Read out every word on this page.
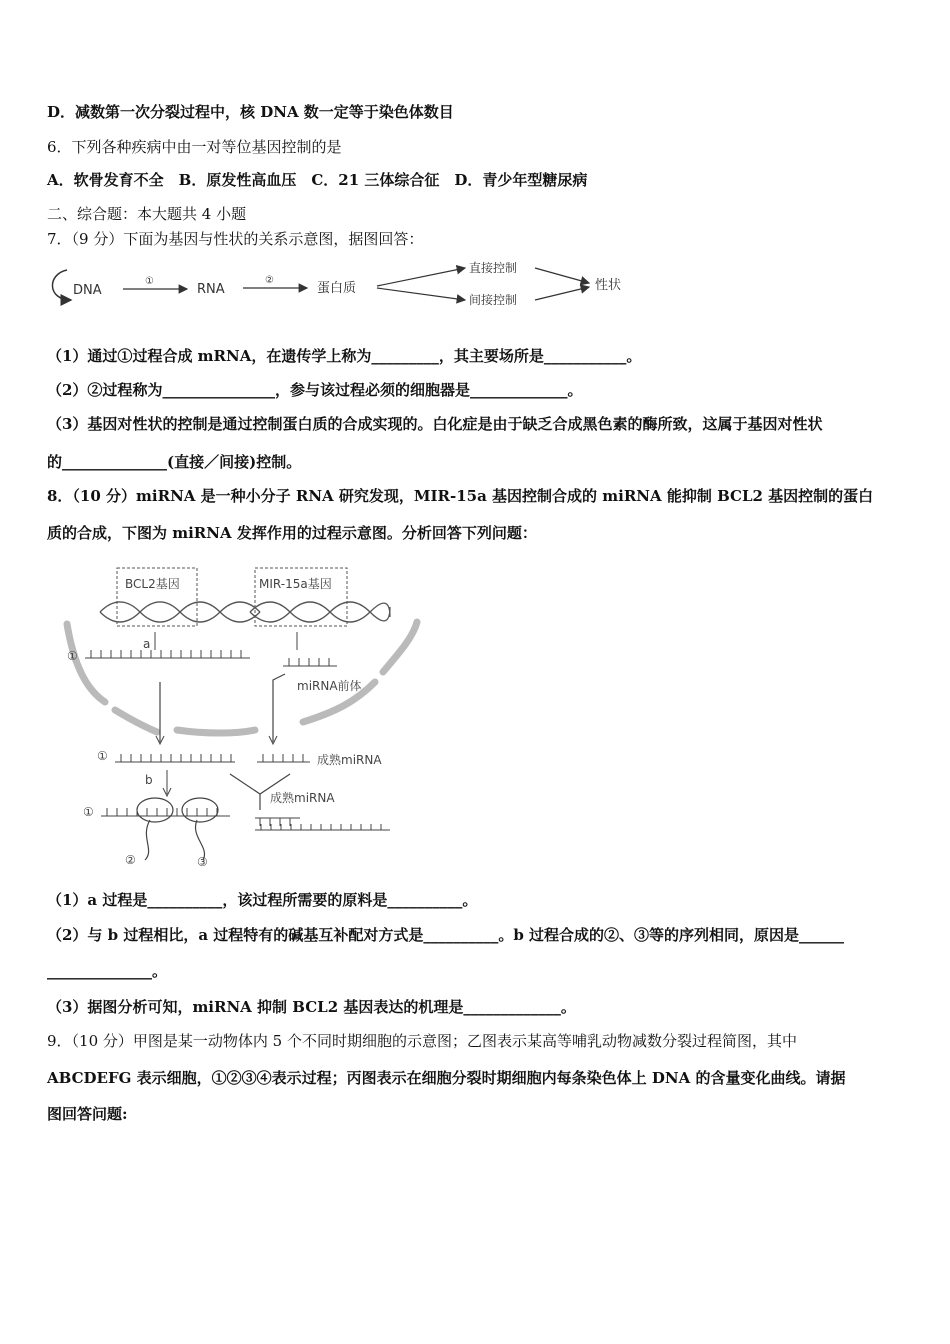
D．减数第一次分裂过程中，核 DNA 数一定等于染色体数目
6．下列各种疾病中由一对等位基因控制的是
A．软骨发育不全　B．原发性高血压　C．21 三体综合征　D．青少年型糖尿病
二、综合题：本大题共 4 小题
7．（9 分）下面为基因与性状的关系示意图，据图回答：
DNA
①
RNA
②
蛋白质
直接控制
间接控制
性状
（1）通过①过程合成 mRNA，在遗传学上称为_________，其主要场所是___________。
（2）②过程称为_______________，参与该过程必须的细胞器是_____________。
（3）基因对性状的控制是通过控制蛋白质的合成实现的。白化症是由于缺乏合成黑色素的酶所致，这属于基因对性状
的______________(直接／间接)控制。
8．（10 分）miRNA 是一种小分子 RNA 研究发现，MIR-15a 基因控制合成的 miRNA 能抑制 BCL2 基因控制的蛋白
质的合成，下图为 miRNA 发挥作用的过程示意图。分析回答下列问题：
BCL2基因	MIR-15a基因
a
①
miRNA前体
①	成熟miRNA
b
成熟miRNA
①
②	③
（1）a 过程是__________，该过程所需要的原料是__________。
（2）与 b 过程相比，a 过程特有的碱基互补配对方式是__________。b 过程合成的②、③等的序列相同，原因是______
______________。
（3）据图分析可知，miRNA 抑制 BCL2 基因表达的机理是_____________。
9．（10 分）甲图是某一动物体内 5 个不同时期细胞的示意图；乙图表示某高等哺乳动物减数分裂过程简图，其中
ABCDEFG 表示细胞，①②③④表示过程；丙图表示在细胞分裂时期细胞内每条染色体上 DNA 的含量变化曲线。请据
图回答问题:
